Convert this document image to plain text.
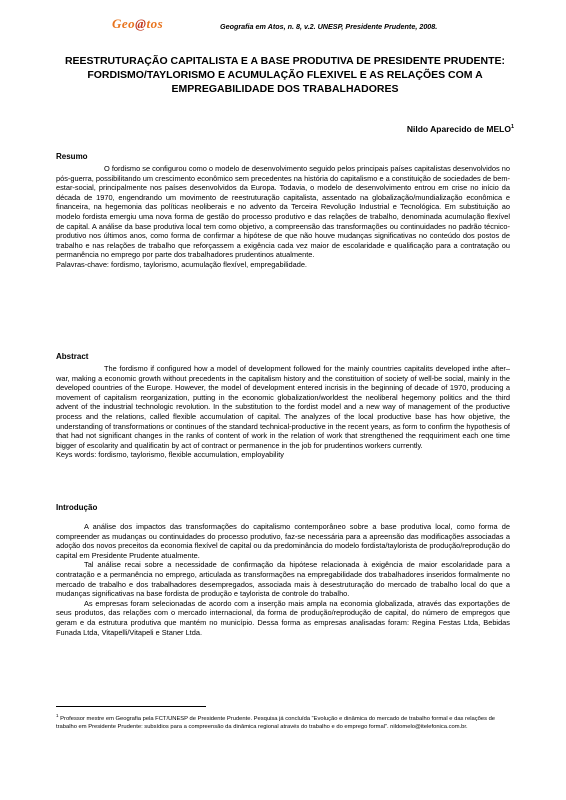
Geo@tos	Geografia em Atos, n. 8, v.2. UNESP, Presidente Prudente, 2008.
REESTRUTURAÇÃO CAPITALISTA E A BASE PRODUTIVA DE PRESIDENTE PRUDENTE: FORDISMO/TAYLORISMO E ACUMULAÇÃO FLEXIVEL E AS RELAÇÕES COM A EMPREGABILIDADE DOS TRABALHADORES
Nildo Aparecido de MELO$^1$
Resumo

O fordismo se configurou como o modelo de desenvolvimento seguido pelos principais países capitalistas desenvolvidos no pós-guerra, possibilitando um crescimento econômico sem precedentes na história do capitalismo e a constituição de sociedades de bem-estar-social, principalmente nos países desenvolvidos da Europa. Todavia, o modelo de desenvolvimento entrou em crise no início da década de 1970, engendrando um movimento de reestruturação capitalista, assentado na globalização/mundialização econômica e financeira, na hegemonia das políticas neoliberais e no advento da Terceira Revolução Industrial e Tecnológica. Em substituição ao modelo fordista emergiu uma nova forma de gestão do processo produtivo e das relações de trabalho, denominada acumulação flexível de capital. A análise da base produtiva local tem como objetivo, a compreensão das transformações ou continuidades no padrão técnico-produtivo nos últimos anos, como forma de confirmar a hipótese de que não houve mudanças significativas no conteúdo dos postos de trabalho e nas relações de trabalho que reforçassem a exigência cada vez maior de escolaridade e qualificação para a contratação ou permanência no emprego por parte dos trabalhadores prudentinos atualmente.

Palavras-chave: fordismo, taylorismo, acumulação flexível, empregabilidade.

Abstract

The fordismo if configured how a model of development followed for the mainly countries capitalits developed inthe after–war, making a economic growth without precedents in the capitalism history and the constituition of society of well-be social, mainly in the developed countries of the Europe. However, the model of development entered incrisis in the beginning of decade of 1970, producing a movement of capitalism reorganization, putting in the economic globalization/worldest the neoliberal hegemony politics and the third advent of the industrial technologic revolution. In the substitution to the fordist model and a new way of management of the productive process and the relations, called flexible accumulation of capital. The analyzes of the local productive base has how objetive, the understanding of transformations or continues of the standard technical-productive in the recent years, as form to confirm the hypothesis of that had not significant changes in the ranks of content of work in the relation of work that strengthened the reqquiriment each one time bigger of escolarity and qualificatin by act of contract or permanence in the job for prudentinos workers currently.

Keys words: fordismo, taylorismo, flexible accumulation, employability

Introdução

A análise dos impactos das transformações do capitalismo contemporâneo sobre a base produtiva local, como forma de compreender as mudanças ou continuidades do processo produtivo, faz-se necessária para a apreensão das modificações associadas a adoção dos novos preceitos da economia flexível de capital ou da predominância do modelo fordista/taylorista de produção/reprodução do capital em Presidente Prudente atualmente.

Tal análise recai sobre a necessidade de confirmação da hipótese relacionada à exigência de maior escolaridade para a contratação e a permanência no emprego, articulada as transformações na empregabilidade dos trabalhadores inseridos formalmente no mercado de trabalho e dos trabalhadores desempregados, associada mais à desestruturação do mercado de trabalho local do que a mudanças significativas na base fordista de produção e taylorista de controle do trabalho.

As empresas foram selecionadas de acordo com a inserção mais ampla na economia globalizada, através das exportações de seus produtos, das relações com o mercado internacional, da forma de produção/reprodução de capital, do número de empregos que geram e da estrutura produtiva que mantém no município. Dessa forma as empresas analisadas foram: Regina Festas Ltda, Bebidas Funada Ltda, Vitapelli/Vitapeli e Staner Ltda.

$^1$ Professor mestre em Geografia pela FCT/UNESP de Presidente Prudente. Pesquisa já concluída “Evolução e dinâmica do mercado de trabalho formal e das relações de trabalho em Presidente Prudente: subsídios para a compreensão da dinâmica regional através do trabalho e do emprego formal”. nildomelo@itelefonica.com.br.
